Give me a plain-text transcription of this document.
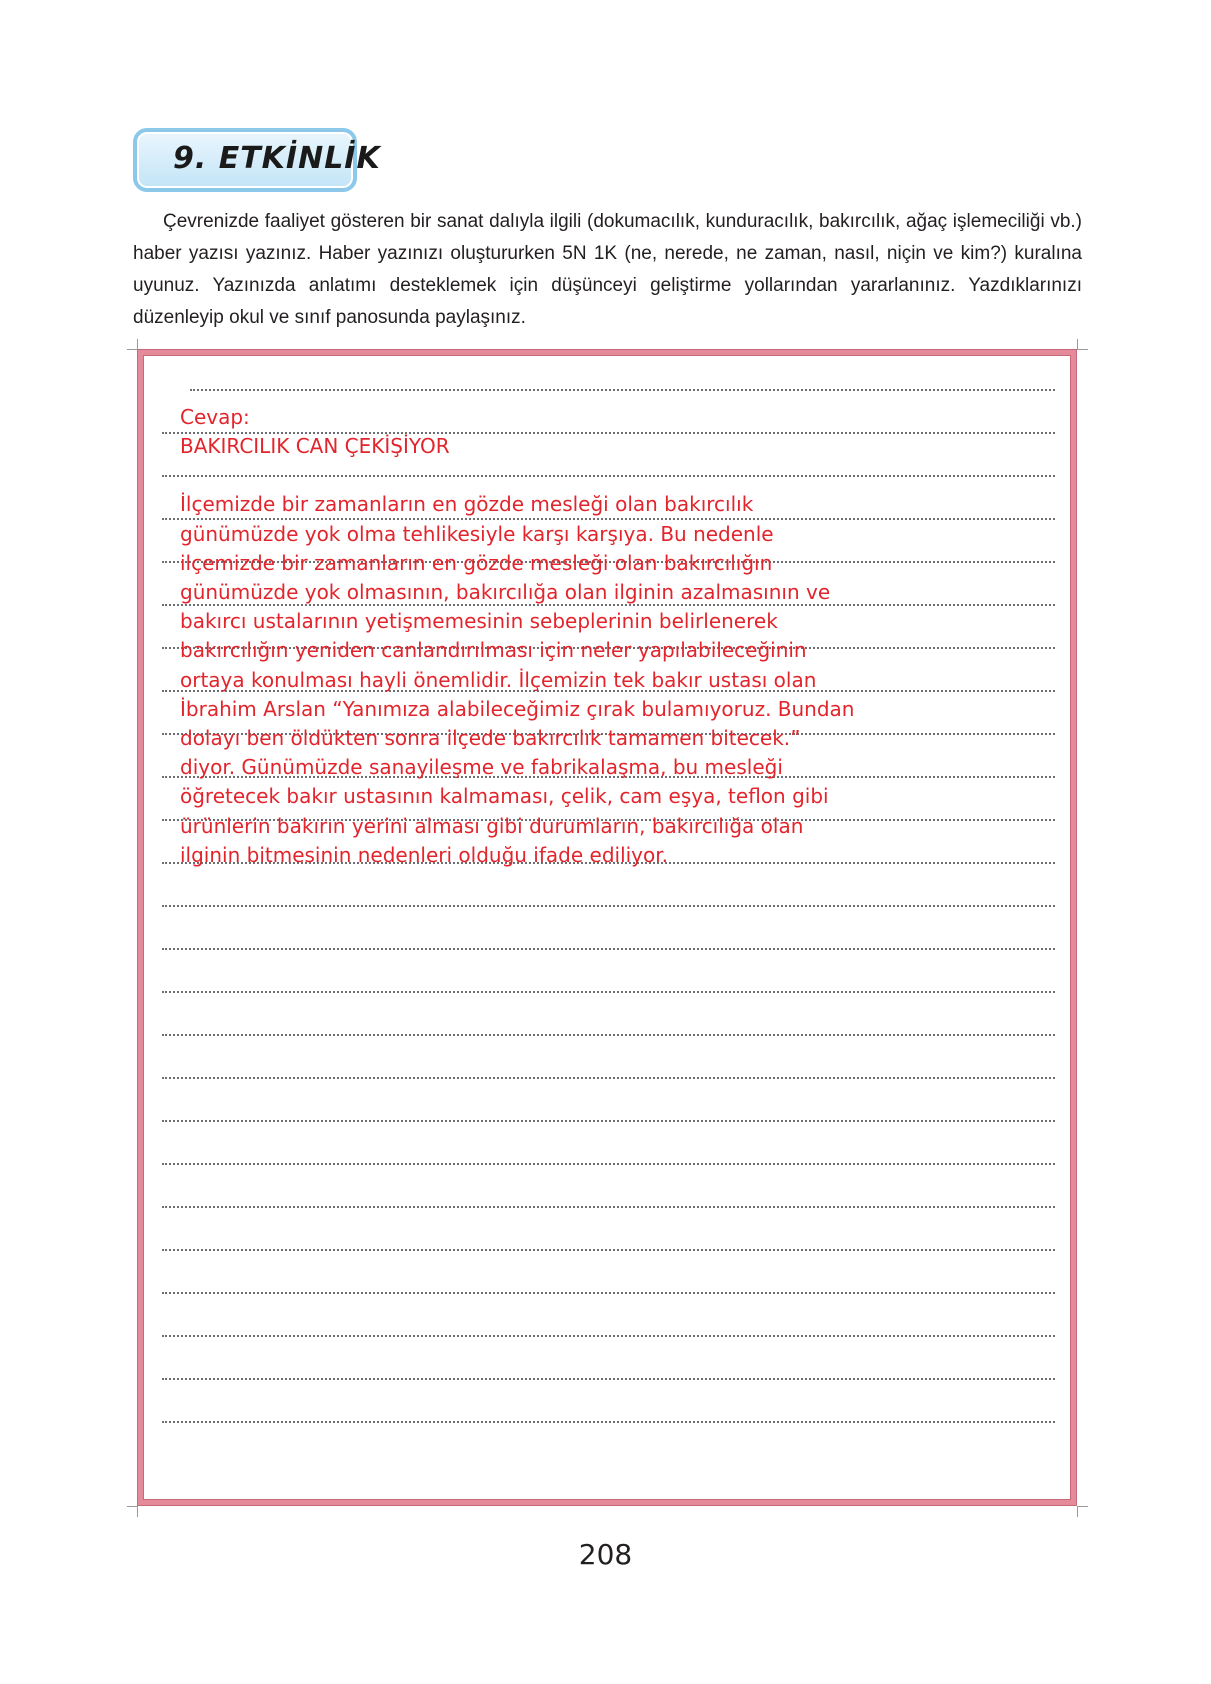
9. ETKİNLİK

Çevrenizde faaliyet gösteren bir sanat dalıyla ilgili (dokumacılık, kunduracılık, bakırcılık, ağaç işlemeciliği vb.) haber yazısı yazınız. Haber yazınızı oluştururken 5N 1K (ne, nerede, ne zaman, nasıl, niçin ve kim?) kuralına uyunuz. Yazınızda anlatımı desteklemek için düşünceyi geliştirme yollarından yararlanınız. Yazdıklarınızı düzenleyip okul ve sınıf panosunda paylaşınız.

Cevap:
BAKIRCILIK CAN ÇEKİŞİYOR
İlçemizde bir zamanların en gözde mesleği olan bakırcılık günümüzde yok olma tehlikesiyle karşı karşıya. Bu nedenle ilçemizde bir zamanların en gözde mesleği olan bakırcılığın günümüzde yok olmasının, bakırcılığa olan ilginin azalmasının ve bakırcı ustalarının yetişmemesinin sebeplerinin belirlenerek bakırcılığın yeniden canlandırılması için neler yapılabileceğinin ortaya konulması hayli önemlidir. İlçemizin tek bakır ustası olan İbrahim Arslan “Yanımıza alabileceğimiz çırak bulamıyoruz. Bundan dolayı ben öldükten sonra ilçede bakırcılık tamamen bitecek.” diyor. Günümüzde sanayileşme ve fabrikalaşma, bu mesleği öğretecek bakır ustasının kalmaması, çelik, cam eşya, teflon gibi ürünlerin bakırın yerini alması gibi durumların, bakırcılığa olan ilginin bitmesinin nedenleri olduğu ifade ediliyor.
208
